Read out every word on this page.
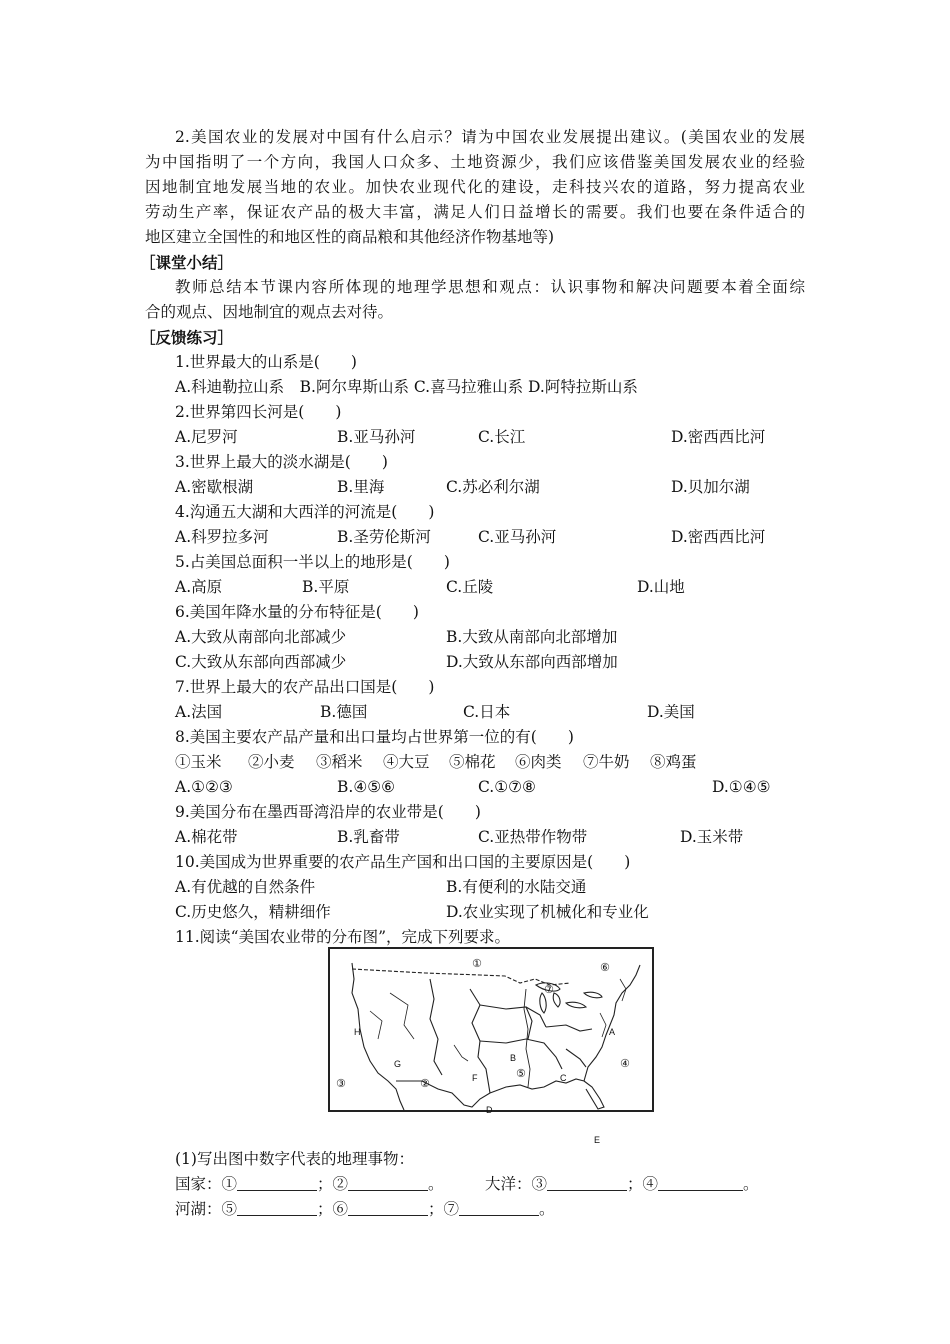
2.美国农业的发展对中国有什么启示？请为中国农业发展提出建议。(美国农业的发展
为中国指明了一个方向，我国人口众多、土地资源少，我们应该借鉴美国发展农业的经验
因地制宜地发展当地的农业。加快农业现代化的建设，走科技兴农的道路，努力提高农业
劳动生产率，保证农产品的极大丰富，满足人们日益增长的需要。我们也要在条件适合的
地区建立全国性的和地区性的商品粮和其他经济作物基地等)
［课堂小结］
教师总结本节课内容所体现的地理学思想和观点：认识事物和解决问题要本着全面综
合的观点、因地制宜的观点去对待。
［反馈练习］
1.世界最大的山系是(　　)
A.科迪勒拉山系　B.阿尔卑斯山系 C.喜马拉雅山系 D.阿特拉斯山系
2.世界第四长河是(　　)
A.尼罗河	B.亚马孙河	C.长江	D.密西西比河
3.世界上最大的淡水湖是(　　)
A.密歇根湖	B.里海	C.苏必利尔湖	D.贝加尔湖
4.沟通五大湖和大西洋的河流是(　　)
A.科罗拉多河	B.圣劳伦斯河	C.亚马孙河	D.密西西比河
5.占美国总面积一半以上的地形是(　　)
A.高原	B.平原	C.丘陵	D.山地
6.美国年降水量的分布特征是(　　)
A.大致从南部向北部减少	B.大致从南部向北部增加
C.大致从东部向西部减少	D.大致从东部向西部增加
7.世界上最大的农产品出口国是(　　)
A.法国	B.德国	C.日本	D.美国
8.美国主要农产品产量和出口量均占世界第一位的有(　　)
①玉米 ②小麦 ③稻米 ④大豆 ⑤棉花 ⑥肉类 ⑦牛奶 ⑧鸡蛋
A.①②③	B.④⑤⑥	C.①⑦⑧	D.①④⑤
9.美国分布在墨西哥湾沿岸的农业带是(　　)
A.棉花带	B.乳畜带	C.亚热带作物带	D.玉米带
10.美国成为世界重要的农产品生产国和出口国的主要原因是(　　)
A.有优越的自然条件	B.有便利的水陆交通
C.历史悠久，精耕细作	D.农业实现了机械化和专业化
11.阅读“美国农业带的分布图”，完成下列要求。
A
B
C
D
E
F
G
H
①
②
③
④
⑤
⑥
⑦
(1)写出图中数字代表的地理事物：
国家：①	；②	。	大洋：③	；④	。
河湖：⑤	；⑥	；⑦	。
